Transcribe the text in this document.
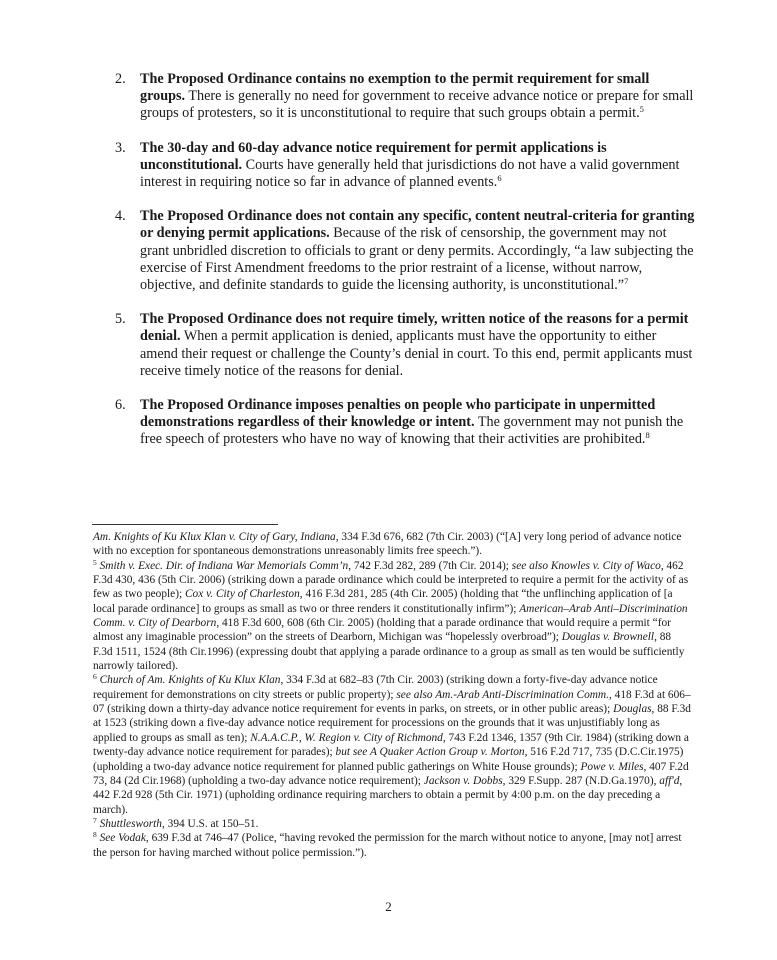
2. The Proposed Ordinance contains no exemption to the permit requirement for small groups. There is generally no need for government to receive advance notice or prepare for small groups of protesters, so it is unconstitutional to require that such groups obtain a permit.$^5$
3. The 30-day and 60-day advance notice requirement for permit applications is unconstitutional. Courts have generally held that jurisdictions do not have a valid government interest in requiring notice so far in advance of planned events.$^6$
4. The Proposed Ordinance does not contain any specific, content neutral-criteria for granting or denying permit applications. Because of the risk of censorship, the government may not grant unbridled discretion to officials to grant or deny permits. Accordingly, “a law subjecting the exercise of First Amendment freedoms to the prior restraint of a license, without narrow, objective, and definite standards to guide the licensing authority, is unconstitutional.”$^7$
5. The Proposed Ordinance does not require timely, written notice of the reasons for a permit denial. When a permit application is denied, applicants must have the opportunity to either amend their request or challenge the County’s denial in court. To this end, permit applicants must receive timely notice of the reasons for denial.
6. The Proposed Ordinance imposes penalties on people who participate in unpermitted demonstrations regardless of their knowledge or intent. The government may not punish the free speech of protesters who have no way of knowing that their activities are prohibited.$^8$

Am. Knights of Ku Klux Klan v. City of Gary, Indiana, 334 F.3d 676, 682 (7th Cir. 2003) (“[A] very long period of advance notice with no exception for spontaneous demonstrations unreasonably limits free speech.”).

$^5$ Smith v. Exec. Dir. of Indiana War Memorials Comm’n, 742 F.3d 282, 289 (7th Cir. 2014); see also Knowles v. City of Waco, 462 F.3d 430, 436 (5th Cir. 2006) (striking down a parade ordinance which could be interpreted to require a permit for the activity of as few as two people); Cox v. City of Charleston, 416 F.3d 281, 285 (4th Cir. 2005) (holding that “the unflinching application of [a local parade ordinance] to groups as small as two or three renders it constitutionally infirm”); American–Arab Anti–Discrimination Comm. v. City of Dearborn, 418 F.3d 600, 608 (6th Cir. 2005) (holding that a parade ordinance that would require a permit “for almost any imaginable procession” on the streets of Dearborn, Michigan was “hopelessly overbroad”); Douglas v. Brownell, 88 F.3d 1511, 1524 (8th Cir.1996) (expressing doubt that applying a parade ordinance to a group as small as ten would be sufficiently narrowly tailored).

$^6$ Church of Am. Knights of Ku Klux Klan, 334 F.3d at 682–83 (7th Cir. 2003) (striking down a forty-five-day advance notice requirement for demonstrations on city streets or public property); see also Am.-Arab Anti-Discrimination Comm., 418 F.3d at 606–07 (striking down a thirty-day advance notice requirement for events in parks, on streets, or in other public areas); Douglas, 88 F.3d at 1523 (striking down a five-day advance notice requirement for processions on the grounds that it was unjustifiably long as applied to groups as small as ten); N.A.A.C.P., W. Region v. City of Richmond, 743 F.2d 1346, 1357 (9th Cir. 1984) (striking down a twenty-day advance notice requirement for parades); but see A Quaker Action Group v. Morton, 516 F.2d 717, 735 (D.C.Cir.1975) (upholding a two-day advance notice requirement for planned public gatherings on White House grounds); Powe v. Miles, 407 F.2d 73, 84 (2d Cir.1968) (upholding a two-day advance notice requirement); Jackson v. Dobbs, 329 F.Supp. 287 (N.D.Ga.1970), aff'd, 442 F.2d 928 (5th Cir. 1971) (upholding ordinance requiring marchers to obtain a permit by 4:00 p.m. on the day preceding a march).

$^7$ Shuttlesworth, 394 U.S. at 150–51.

$^8$ See Vodak, 639 F.3d at 746–47 (Police, “having revoked the permission for the march without notice to anyone, [may not] arrest the person for having marched without police permission.”).

2
